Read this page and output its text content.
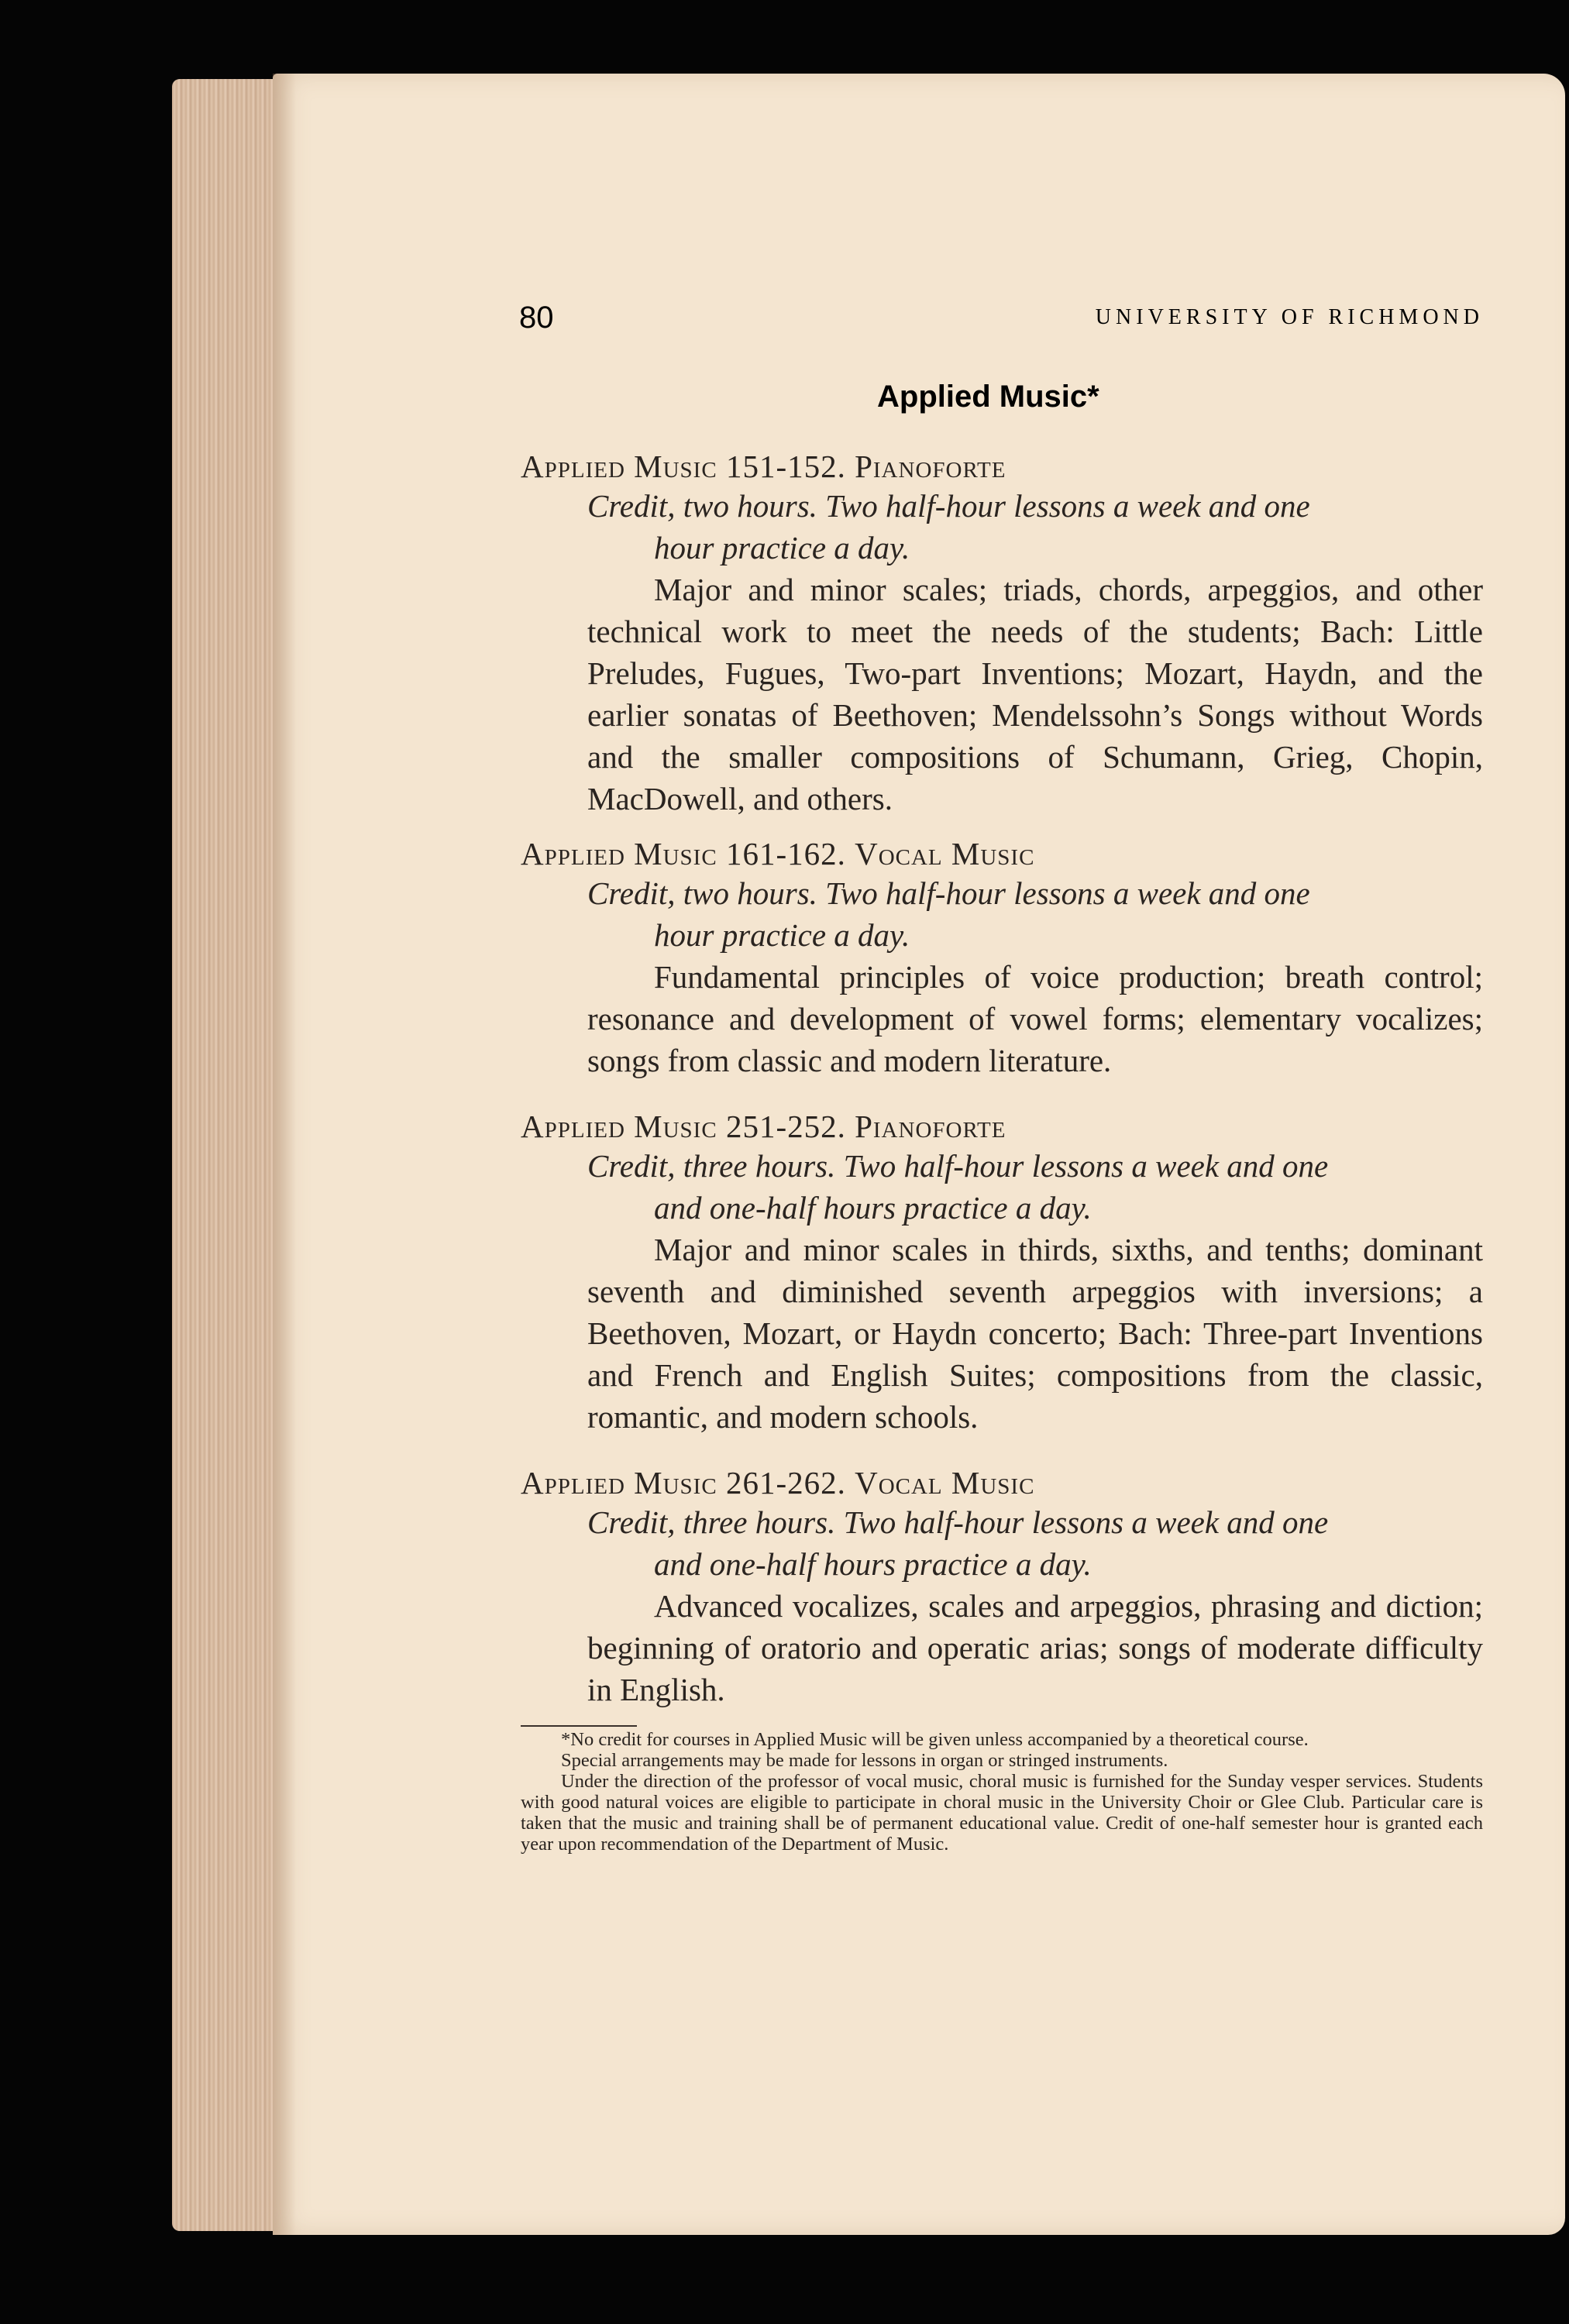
80	UNIVERSITY OF RICHMOND
Applied Music*
Applied Music 151-152. Pianoforte
Credit, two hours. Two half-hour lessons a week and one
hour practice a day.
Major and minor scales; triads, chords, arpeggios, and other technical work to meet the needs of the students; Bach: Little Preludes, Fugues, Two-part Inventions; Mozart, Haydn, and the earlier sonatas of Beethoven; Mendelssohn’s Songs without Words and the smaller compositions of Schumann, Grieg, Chopin, MacDowell, and others.
Applied Music 161-162. Vocal Music
Credit, two hours. Two half-hour lessons a week and one
hour practice a day.
Fundamental principles of voice production; breath control; resonance and development of vowel forms; elementary vocalizes; songs from classic and modern literature.
Applied Music 251-252. Pianoforte
Credit, three hours. Two half-hour lessons a week and one
and one-half hours practice a day.
Major and minor scales in thirds, sixths, and tenths; dominant seventh and diminished seventh arpeggios with inversions; a Beethoven, Mozart, or Haydn concerto; Bach: Three-part Inventions and French and English Suites; compositions from the classic, romantic, and modern schools.
Applied Music 261-262. Vocal Music
Credit, three hours. Two half-hour lessons a week and one
and one-half hours practice a day.
Advanced vocalizes, scales and arpeggios, phrasing and diction; beginning of oratorio and operatic arias; songs of moderate difficulty in English.

*No credit for courses in Applied Music will be given unless accompanied by a theoretical course.

Special arrangements may be made for lessons in organ or stringed instruments.

Under the direction of the professor of vocal music, choral music is furnished for the Sunday vesper services. Students with good natural voices are eligible to participate in choral music in the University Choir or Glee Club. Particular care is taken that the music and training shall be of permanent educational value. Credit of one-half semester hour is granted each year upon recommendation of the Department of Music.
